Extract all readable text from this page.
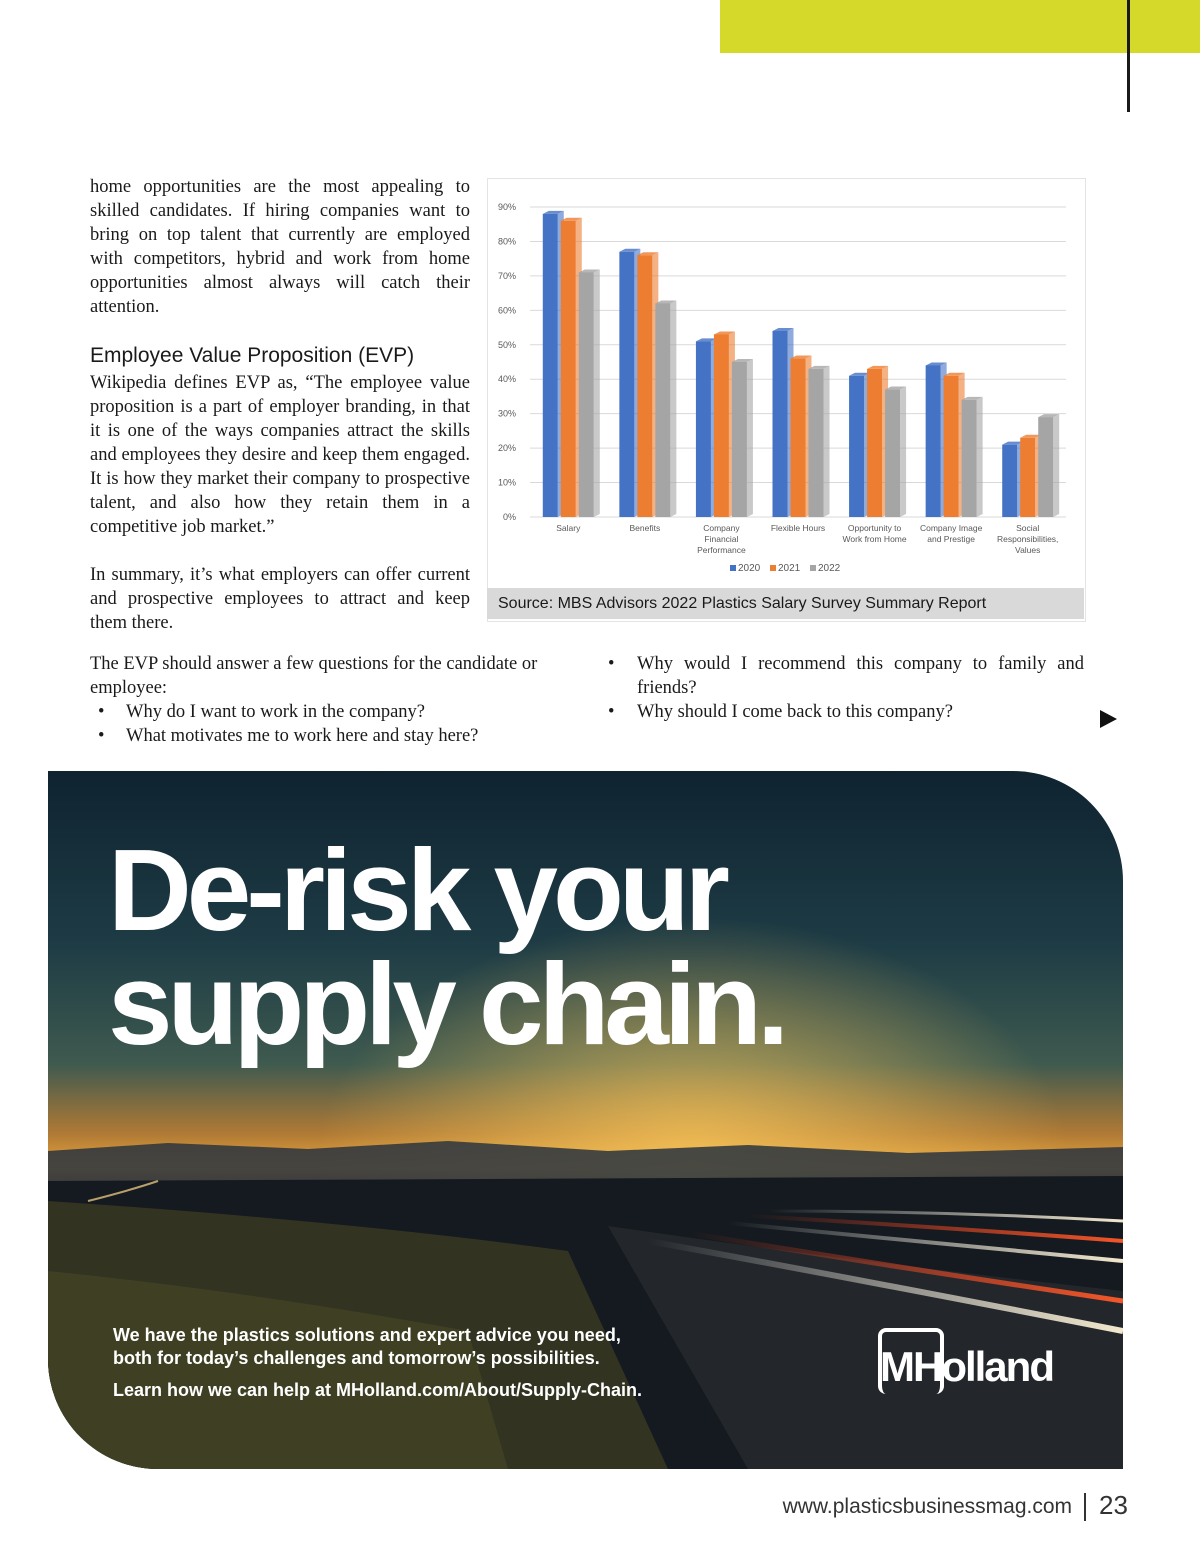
home opportunities are the most appealing to skilled candidates. If hiring companies want to bring on top talent that currently are employed with competitors, hybrid and work from home opportunities almost always will catch their attention.

Employee Value Proposition (EVP)

Wikipedia defines EVP as, “The employee value proposition is a part of employer branding, in that it is one of the ways companies attract the skills and employees they desire and keep them engaged. It is how they market their company to prospective talent, and also how they retain them in a competitive job market.”

In summary, it’s what employers can offer current and prospective employees to attract and keep them there.

0%
10%
20%
30%
40%
50%
60%
70%
80%
90%
Salary	Benefits	Company
Financial
Performance
Flexible Hours	Opportunity to
Work from Home
Company Image
and Prestige
Social
Responsibilities,
Values
2020 2021 2022
Source: MBS Advisors 2022 Plastics Salary Survey Summary Report

The EVP should answer a few questions for the candidate or employee:

• Why do I want to work in the company?
• What motivates me to work here and stay here?
• Why would I recommend this company to family and friends?
• Why should I come back to this company?
De-risk your
supply chain.

We have the plastics solutions and expert advice you need,

both for today’s challenges and tomorrow’s possibilities.

Learn how we can help at MHolland.com/About/Supply-Chain.	MHolland
www.plasticsbusinessmag.com 23
